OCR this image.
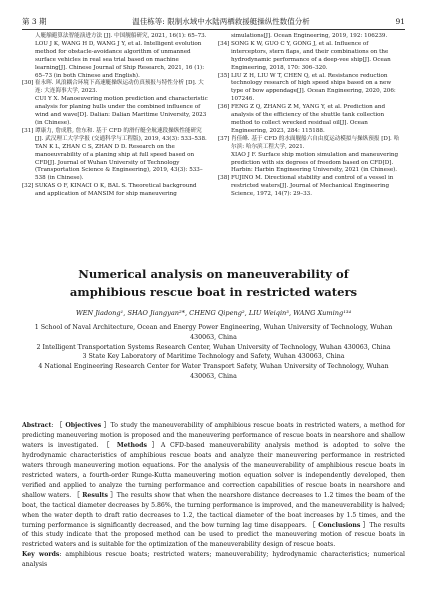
第 3 期	温佳栋等: 限制水域中水陆两栖救援艇操纵性数值分析	91
人艇艏避算法智能演进方法 [J]. 中国舰船研究, 2021, 16(1): 65–73.
LOU J K, WANG H D, WANG J Y, et al. Intelligent evolution method for obstacle-avoidance algorithm of unmanned surface vehicles in real sea trial based on machine learning[J]. Chinese Journal of Ship Research, 2021, 16 (1): 65–73 (in both Chinese and English).
[30] 崔永晖. 风浪耦合环境下高速艇操纵运动仿真预报与特性分析 [D]. 大连: 大连海事大学, 2023.
CUI Y X. Manoeuvering motion prediction and characteristic analysis for planing hulls under the combined influence of wind and wave[D]. Dalian: Dalian Maritime University, 2023 (in Chinese).
[31] 谭康力, 詹成胜, 詹东和. 基于 CFD 的滑行艇全航速段操纵性能研究 [J]. 武汉理工大学学报 (交通科学与工程版), 2019, 43(3): 533–538.
TAN K L, ZHAN C S, ZHAN D D. Research on the manoeuvrability of a planing ship at full speed based on CFD[J]. Journal of Wuhan University of Technology (Transportation Science & Engineering), 2019, 43(3): 533–538 (in Chinese).
[32] SUKAS O F, KINACI O K, BAL S. Theoretical background and application of MANSIM for ship maneuvering
simulations[J]. Ocean Engineering, 2019, 192: 106239.
[34] SONG K W, GUO C Y, GONG J, et al. Influence of interceptors, stern flaps, and their combinations on the hydrodynamic performance of a deep-vee ship[J]. Ocean Engineering, 2018, 170: 306–320.
[35] LIU Z H, LIU W T, CHEN Q, et al. Resistance reduction technology research of high speed ships based on a new type of bow appendage[J]. Ocean Engineering, 2020, 206: 107246.
[36] FENG Z Q, ZHANG Z M, YANG Y, et al. Prediction and analysis of the efficiency of the shuttle tank collection method to collect wrecked residual oil[J]. Ocean Engineering, 2023, 284: 115188.
[37] 肖佳峰. 基于 CFD 的水面舰船六自由度运动模拟与操纵预报 [D]. 哈尔滨: 哈尔滨工程大学, 2021.
XIAO J F. Surface ship motion simulation and maneuvering prediction with six degrees of freedom based on CFD[D]. Harbin: Harbin Engineering University, 2021 (in Chinese).
[38] FUJINO M. Directional stability and control of a vessel in restricted waters[J]. Journal of Mechanical Engineering Science, 1972, 14(7): 29–33.
Numerical analysis on maneuverability of
amphibious rescue boat in restricted waters
WEN Jiadong¹, SHAO Jiangyan²*, CHENG Qipeng², LIU Weiqin³, WANG Xuming¹³⁴
1 School of Naval Architecture, Ocean and Energy Power Engineering, Wuhan University of Technology, Wuhan 430063, China
2 Intelligent Transportation Systems Research Center, Wuhan University of Technology, Wuhan 430063, China
3 State Key Laboratory of Maritime Technology and Safety, Wuhan 430063, China
4 National Engineering Research Center for Water Transport Safety, Wuhan University of Technology, Wuhan 430063, China
Abstract: ［ Objectives ］To study the maneuverability of amphibious rescue boats in restricted waters, a method for predicting maneuvering motion is proposed and the maneuvering performance of rescue boats in nearshore and shallow waters is investigated. ［ Methods ］A CFD-based maneuverability analysis method is adopted to solve the hydrodynamic characteristics of amphibious rescue boats and analyze their maneuvering performance in restricted waters through maneuvering motion equations. For the analysis of the maneuverability of amphibious rescue boats in restricted waters, a fourth-order Runge-Kutta maneuvering motion equation solver is independently developed, then verified and applied to analyze the turning performance and correction capabilities of rescue boats in nearshore and shallow waters. ［ Results ］The results show that when the nearshore distance decreases to 1.2 times the beam of the boat, the tactical diameter decreases by 5.86%, the turning performance is improved, and the maneuverability is halved; when the water depth to draft ratio decreases to 1.2, the tactical diameter of the boat increases by 1.5 times, and the turning performance is significantly decreased, and the bow turning lag time disappears. ［ Conclusions ］The results of this study indicate that the proposed method can be used to predict the maneuvering motion of rescue boats in restricted waters and is suitable for the optimization of the maneuverability design of rescue boats.
Key words: amphibious rescue boats; restricted waters; maneuverability; hydrodynamic characteristics; numerical analysis
